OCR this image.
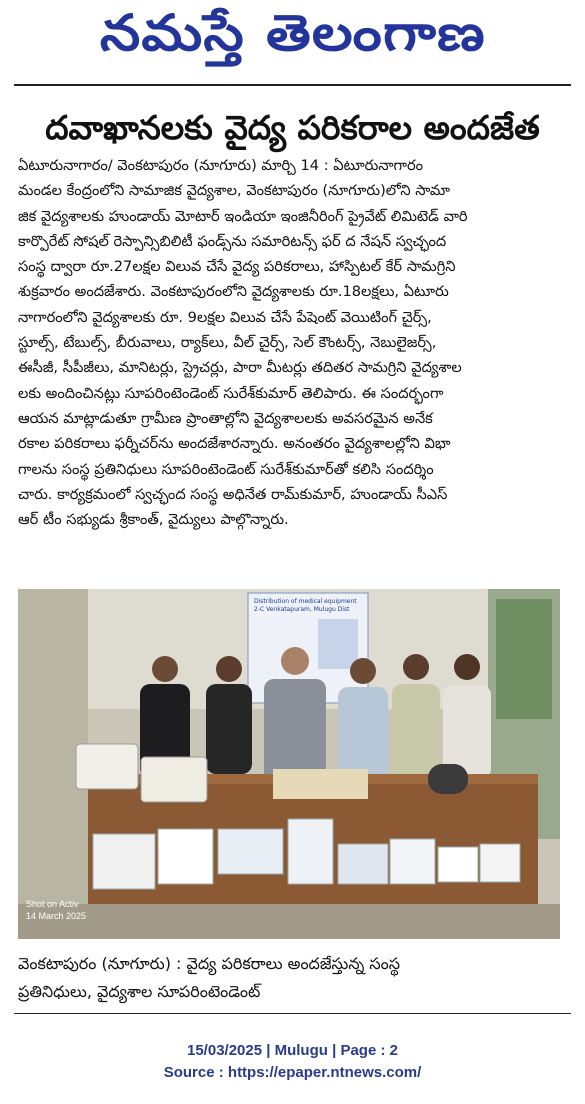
నమస్తే తెలంగాణ
దవాఖానలకు వైద్య పరికరాల అందజేత
ఏటూరునాగారం/ వెంకటాపురం (నూగూరు) మార్చి 14 : ఏటూరునాగారం
మండల కేంద్రంలోని సామాజిక వైద్యశాల, వెంకటాపురం (నూగూరు)లోని సామా
జిక వైద్యశాలకు హుండాయ్ మోటార్ ఇండియా ఇంజినీరింగ్ ప్రైవేట్ లిమిటెడ్ వారి
కార్పొరేట్ సోషల్ రెస్పాన్సిబిలిటీ ఫండ్స్‌ను సమారిటన్స్ ఫర్ ద నేషన్ స్వచ్ఛంద
సంస్థ ద్వారా రూ.27లక్షల విలువ చేసే వైద్య పరికరాలు, హాస్పిటల్ కేర్ సామగ్రిని
శుక్రవారం అందజేశారు. వెంకటాపురంలోని వైద్యశాలకు రూ.18లక్షలు, ఏటూరు
నాగారంలోని వైద్యశాలకు రూ. 9లక్షల విలువ చేసే పేషెంట్ వెయిటింగ్ చైర్స్,
స్టూల్స్, టేబుల్స్, బీరువాలు, ర్యాక్‌లు, వీల్ చైర్స్, సెల్ కౌంటర్స్, నెబులైజర్స్,
ఈసీజీ, సీపీజీలు, మానిటర్లు, స్ట్రెచర్లు, పారా మీటర్లు తదితర సామగ్రిని వైద్యశాల
లకు అందించినట్లు సూపరింటెండెంట్ సురేశ్‌కుమార్ తెలిపారు. ఈ సందర్భంగా
ఆయన మాట్లాడుతూ గ్రామీణ ప్రాంతాల్లోని వైద్యశాలలకు అవసరమైన అనేక
రకాల పరికరాలు ఫర్నీచర్‌ను అందజేశారన్నారు. అనంతరం వైద్యశాలల్లోని విభా
గాలను సంస్థ ప్రతినిధులు సూపరింటెండెంట్ సురేశ్‌కుమార్‌తో కలిసి సందర్శిం
చారు. కార్యక్రమంలో స్వచ్ఛంద సంస్థ అధినేత రామ్‌కుమార్, హుండాయ్ సీఎస్
ఆర్ టీం సభ్యుడు శ్రీకాంత్, వైద్యులు పాల్గొన్నారు.
Distribution of medical equipment
2-C Venkatapuram, Mulugu Dist
Shot on Activ
14 March 2025
వెంకటాపురం (నూగూరు) : వైద్య పరికరాలు అందజేస్తున్న సంస్థ
ప్రతినిధులు, వైద్యశాల సూపరింటెండెంట్
15/03/2025 | Mulugu | Page : 2
Source : https://epaper.ntnews.com/
